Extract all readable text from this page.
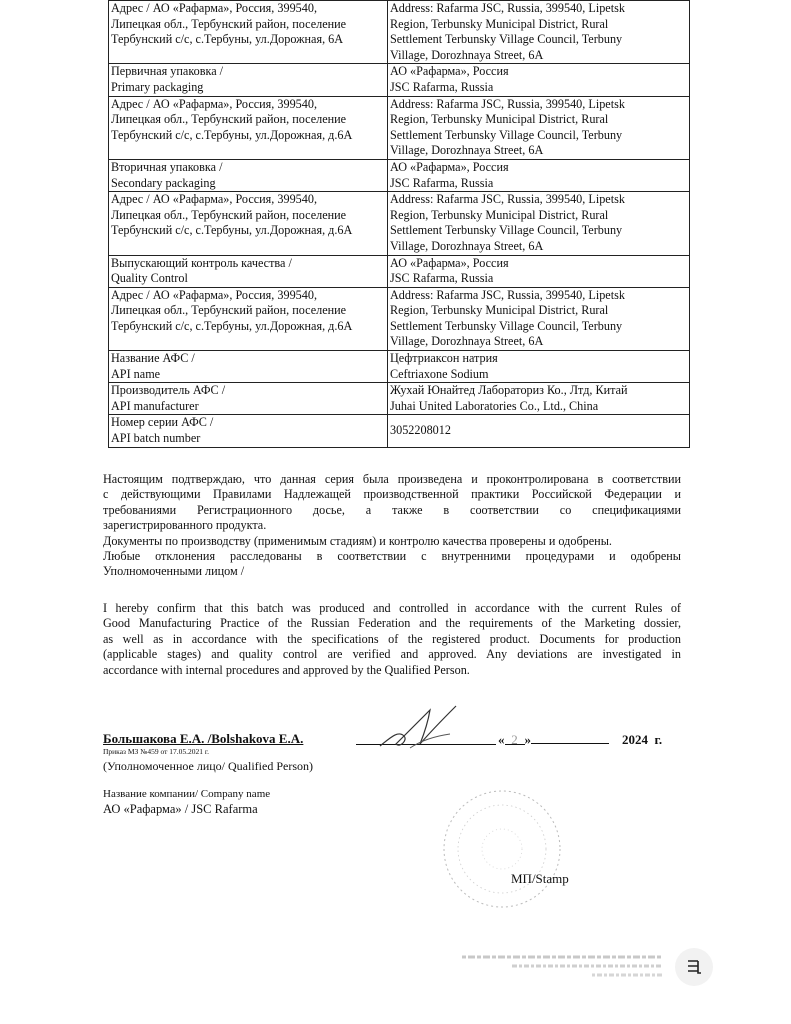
Адрес / АО «Рафарма», Россия, 399540,
Липецкая обл., Тербунский район, поселение
Тербунский с/с, с.Тербуны, ул.Дорожная, 6А	Address: Rafarma JSC, Russia, 399540, Lipetsk
Region, Terbunsky Municipal District, Rural
Settlement Terbunsky Village Council, Terbuny
Village, Dorozhnaya Street, 6A

Первичная упаковка /
Primary packaging	АО «Рафарма», Россия
JSC Rafarma, Russia

Адрес / АО «Рафарма», Россия, 399540,
Липецкая обл., Тербунский район, поселение
Тербунский с/с, с.Тербуны, ул.Дорожная, д.6А	Address: Rafarma JSC, Russia, 399540, Lipetsk
Region, Terbunsky Municipal District, Rural
Settlement Terbunsky Village Council, Terbuny
Village, Dorozhnaya Street, 6A

Вторичная упаковка /
Secondary packaging	АО «Рафарма», Россия
JSC Rafarma, Russia

Адрес / АО «Рафарма», Россия, 399540,
Липецкая обл., Тербунский район, поселение
Тербунский с/с, с.Тербуны, ул.Дорожная, д.6А	Address: Rafarma JSC, Russia, 399540, Lipetsk
Region, Terbunsky Municipal District, Rural
Settlement Terbunsky Village Council, Terbuny
Village, Dorozhnaya Street, 6A

Выпускающий контроль качества /
Quality Control	АО «Рафарма», Россия
JSC Rafarma, Russia

Адрес / АО «Рафарма», Россия, 399540,
Липецкая обл., Тербунский район, поселение
Тербунский с/с, с.Тербуны, ул.Дорожная, д.6А	Address: Rafarma JSC, Russia, 399540, Lipetsk
Region, Terbunsky Municipal District, Rural
Settlement Terbunsky Village Council, Terbuny
Village, Dorozhnaya Street, 6A

Название АФС /
API name	Цефтриаксон натрия
Ceftriaxone Sodium

Производитель АФС /
API manufacturer	Жухай Юнайтед Лабораториз Ко., Лтд, Китай
Juhai United Laboratories Co., Ltd., China

Номер серии АФС /
API batch number	3052208012
Настоящим подтверждаю, что данная серия была произведена и проконтролирована в соответствии
с действующими Правилами Надлежащей производственной практики Российской Федерации и
требованиями Регистрационного досье, а также в соответствии со спецификациями
зарегистрированного продукта.
Документы по производству (применимым стадиям) и контролю качества проверены и одобрены.
Любые отклонения расследованы в соответствии с внутренними процедурами и одобрены
Уполномоченными лицом /
I hereby confirm that this batch was produced and controlled in accordance with the current Rules of
Good Manufacturing Practice of the Russian Federation and the requirements of the Marketing dossier,
as well as in accordance with the specifications of the registered product. Documents for production
(applicable stages) and quality control are verified and approved. Any deviations are investigated in
accordance with internal procedures and approved by the Qualified Person.
Большакова Е.А. /Bolshakova E.A.
Приказ МЗ №459 от 17.05.2021 г.
(Уполномоченное лицо/ Qualified Person)
« 2 »	2024 г.
Название компании/ Company name
АО «Рафарма» / JSC Rafarma
МП/Stamp
